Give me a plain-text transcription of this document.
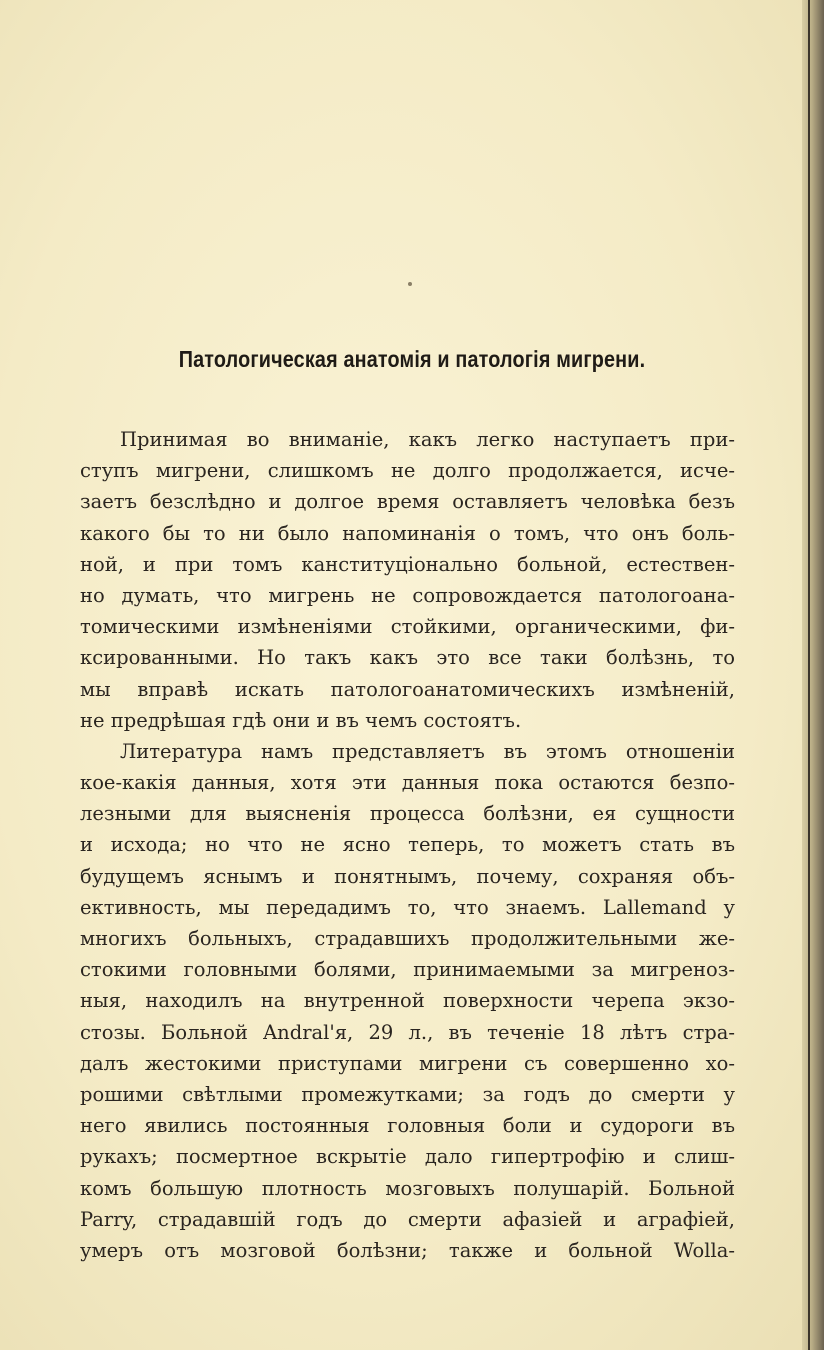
Патологическая анатомія и патологія мигрени.
Принимая во вниманіе, какъ легко наступаетъ при-
ступъ мигрени, слишкомъ не долго продолжается, исче-
заетъ безслѣдно и долгое время оставляетъ человѣка безъ
какого бы то ни было напоминанія о томъ, что онъ боль-
ной, и при томъ канституціонально больной, естествен-
но думать, что мигрень не сопровождается патологоана-
томическими измѣненіями стойкими, органическими, фи-
ксированными. Но такъ какъ это все таки болѣзнь, то
мы вправѣ искать патологоанатомическихъ измѣненій,
не предрѣшая гдѣ они и въ чемъ состоятъ.
Литература намъ представляетъ въ этомъ отношеніи
кое-какія данныя, хотя эти данныя пока остаются безпо-
лезными для выясненія процесса болѣзни, ея сущности
и исхода; но что не ясно теперь, то можетъ стать въ
будущемъ яснымъ и понятнымъ, почему, сохраняя объ-
ективность, мы передадимъ то, что знаемъ. Lallemand у
многихъ больныхъ, страдавшихъ продолжительными же-
стокими головными болями, принимаемыми за мигреноз-
ныя, находилъ на внутренной поверхности черепа экзо-
стозы. Больной Andral'я, 29 л., въ теченіе 18 лѣтъ стра-
далъ жестокими приступами мигрени съ совершенно хо-
рошими свѣтлыми промежутками; за годъ до смерти у
него явились постоянныя головныя боли и судороги въ
рукахъ; посмертное вскрытіе дало гипертрофію и слиш-
комъ большую плотность мозговыхъ полушарій. Больной
Parry, страдавшій годъ до смерти афазіей и аграфіей,
умеръ отъ мозговой болѣзни; также и больной Wolla-
